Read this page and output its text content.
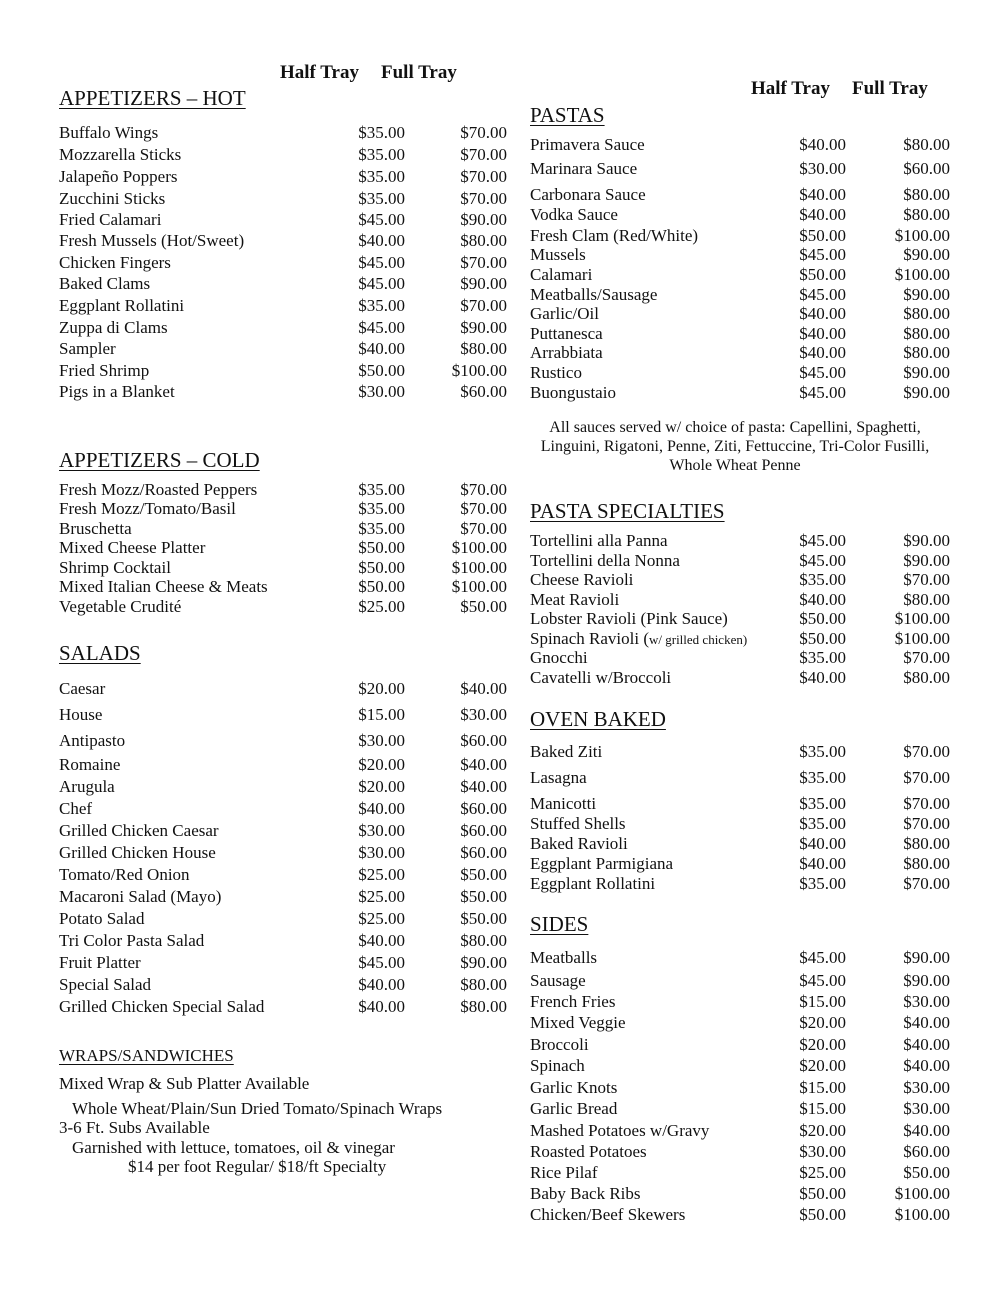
Half Tray Full Tray
APPETIZERS – HOT
Buffalo Wings	$35.00	$70.00
Mozzarella Sticks	$35.00	$70.00
Jalapeño Poppers	$35.00	$70.00
Zucchini Sticks	$35.00	$70.00
Fried Calamari	$45.00	$90.00
Fresh Mussels (Hot/Sweet)	$40.00	$80.00
Chicken Fingers	$45.00	$70.00
Baked Clams	$45.00	$90.00
Eggplant Rollatini	$35.00	$70.00
Zuppa di Clams	$45.00	$90.00
Sampler	$40.00	$80.00
Fried Shrimp	$50.00	$100.00
Pigs in a Blanket	$30.00	$60.00
APPETIZERS – COLD
Fresh Mozz/Roasted Peppers	$35.00	$70.00
Fresh Mozz/Tomato/Basil	$35.00	$70.00
Bruschetta	$35.00	$70.00
Mixed Cheese Platter	$50.00	$100.00
Shrimp Cocktail	$50.00	$100.00
Mixed Italian Cheese & Meats	$50.00	$100.00
Vegetable Crudité	$25.00	$50.00
SALADS
Caesar	$20.00	$40.00
House	$15.00	$30.00
Antipasto	$30.00	$60.00
Romaine	$20.00	$40.00
Arugula	$20.00	$40.00
Chef	$40.00	$60.00
Grilled Chicken Caesar	$30.00	$60.00
Grilled Chicken House	$30.00	$60.00
Tomato/Red Onion	$25.00	$50.00
Macaroni Salad (Mayo)	$25.00	$50.00
Potato Salad	$25.00	$50.00
Tri Color Pasta Salad	$40.00	$80.00
Fruit Platter	$45.00	$90.00
Special Salad	$40.00	$80.00
Grilled Chicken Special Salad	$40.00	$80.00
WRAPS/SANDWICHES
Mixed Wrap & Sub Platter Available
Whole Wheat/Plain/Sun Dried Tomato/Spinach Wraps
3-6 Ft. Subs Available
Garnished with lettuce, tomatoes, oil & vinegar
$14 per foot Regular/ $18/ft Specialty
Half Tray Full Tray
PASTAS
Primavera Sauce	$40.00	$80.00
Marinara Sauce	$30.00	$60.00
Carbonara Sauce	$40.00	$80.00
Vodka Sauce	$40.00	$80.00
Fresh Clam (Red/White)	$50.00	$100.00
Mussels	$45.00	$90.00
Calamari	$50.00	$100.00
Meatballs/Sausage	$45.00	$90.00
Garlic/Oil	$40.00	$80.00
Puttanesca	$40.00	$80.00
Arrabbiata	$40.00	$80.00
Rustico	$45.00	$90.00
Buongustaio	$45.00	$90.00
All sauces served w/ choice of pasta: Capellini, Spaghetti, Linguini, Rigatoni, Penne, Ziti, Fettuccine, Tri-Color Fusilli, Whole Wheat Penne
PASTA SPECIALTIES
Tortellini alla Panna	$45.00	$90.00
Tortellini della Nonna	$45.00	$90.00
Cheese Ravioli	$35.00	$70.00
Meat Ravioli	$40.00	$80.00
Lobster Ravioli (Pink Sauce)	$50.00	$100.00
Spinach Ravioli (w/ grilled chicken)	$50.00	$100.00
Gnocchi	$35.00	$70.00
Cavatelli w/Broccoli	$40.00	$80.00
OVEN BAKED
Baked Ziti	$35.00	$70.00
Lasagna	$35.00	$70.00
Manicotti	$35.00	$70.00
Stuffed Shells	$35.00	$70.00
Baked Ravioli	$40.00	$80.00
Eggplant Parmigiana	$40.00	$80.00
Eggplant Rollatini	$35.00	$70.00
SIDES
Meatballs	$45.00	$90.00
Sausage	$45.00	$90.00
French Fries	$15.00	$30.00
Mixed Veggie	$20.00	$40.00
Broccoli	$20.00	$40.00
Spinach	$20.00	$40.00
Garlic Knots	$15.00	$30.00
Garlic Bread	$15.00	$30.00
Mashed Potatoes w/Gravy	$20.00	$40.00
Roasted Potatoes	$30.00	$60.00
Rice Pilaf	$25.00	$50.00
Baby Back Ribs	$50.00	$100.00
Chicken/Beef Skewers	$50.00	$100.00
